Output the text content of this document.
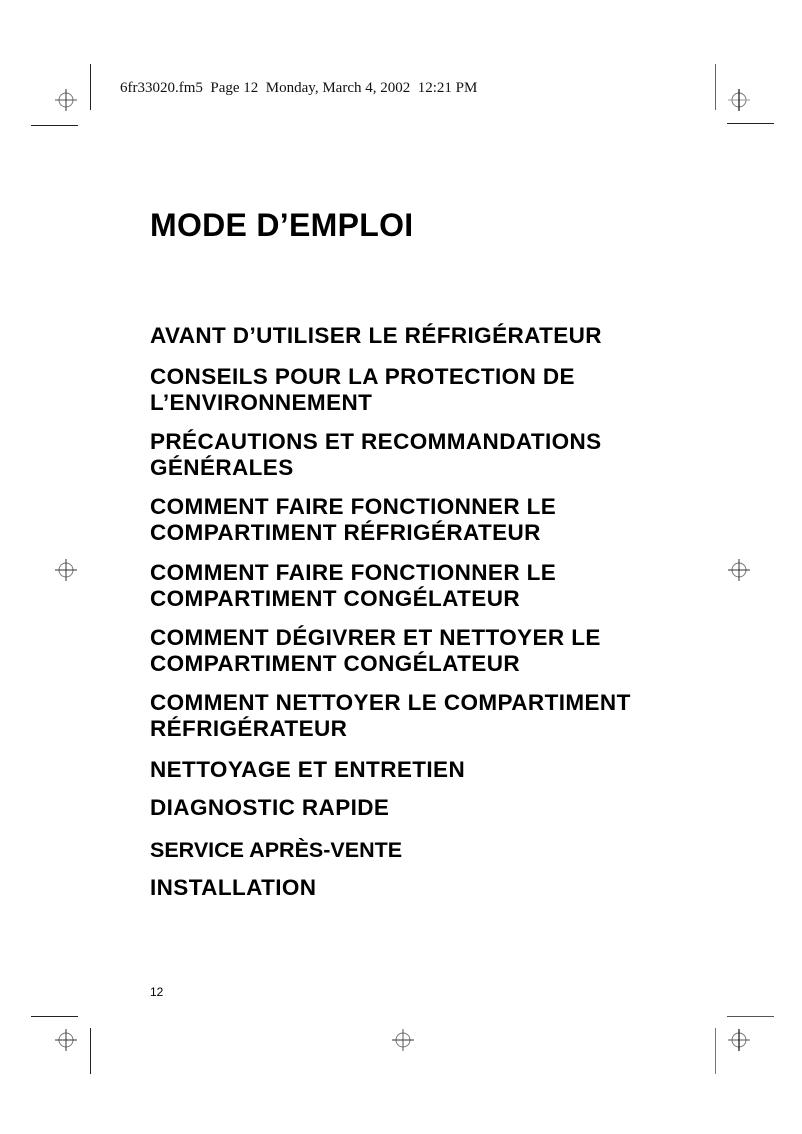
6fr33020.fm5  Page 12  Monday, March 4, 2002  12:21 PM
MODE D’EMPLOI
AVANT D’UTILISER LE RÉFRIGÉRATEUR
CONSEILS POUR LA PROTECTION DE
L’ENVIRONNEMENT
PRÉCAUTIONS ET RECOMMANDATIONS
GÉNÉRALES
COMMENT FAIRE FONCTIONNER LE
COMPARTIMENT RÉFRIGÉRATEUR
COMMENT FAIRE FONCTIONNER LE
COMPARTIMENT CONGÉLATEUR
COMMENT DÉGIVRER ET NETTOYER LE
COMPARTIMENT CONGÉLATEUR
COMMENT NETTOYER LE COMPARTIMENT
RÉFRIGÉRATEUR
NETTOYAGE ET ENTRETIEN
DIAGNOSTIC RAPIDE
SERVICE APRÈS-VENTE
INSTALLATION
12
